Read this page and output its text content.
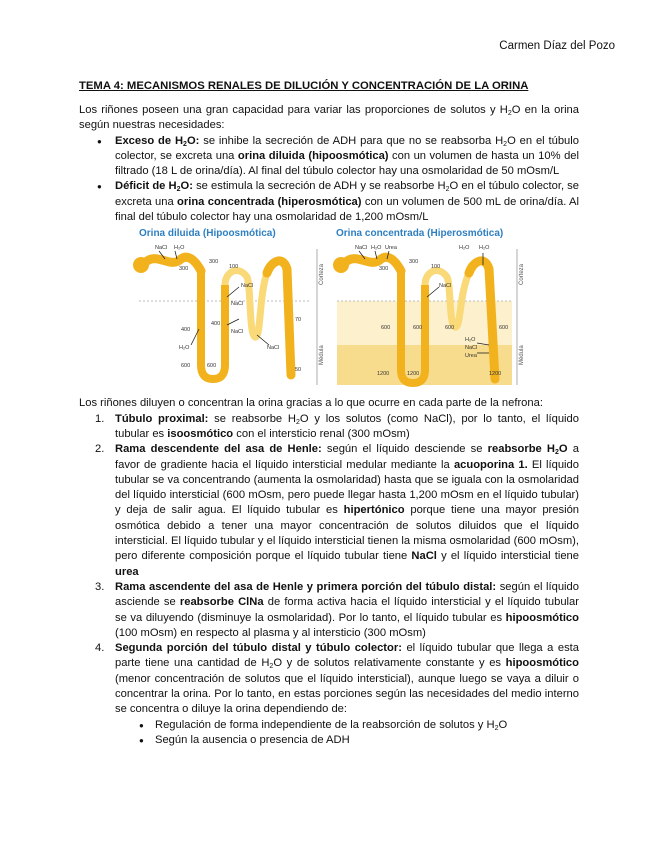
Carmen Díaz del Pozo
TEMA 4: MECANISMOS RENALES DE DILUCIÓN Y CONCENTRACIÓN DE LA ORINA

Los riñones poseen una gran capacidad para variar las proporciones de solutos y $H_2O$ en la orina según nuestras necesidades:

● Exceso de $H_2O$: se inhibe la secreción de ADH para que no se reabsorba $H_2O$ en el túbulo colector, se excreta una orina diluida (hipoosmótica) con un volumen de hasta un 10% del filtrado (18 L de orina/día). Al final del túbulo colector hay una osmolaridad de 50 mOsm/L
● Déficit de $H_2O$: se estimula la secreción de ADH y se reabsorbe $H_2O$ en el túbulo colector, se excreta una orina concentrada (hiperosmótica) con un volumen de 500 mL de orina/día. Al final del túbulo colector hay una osmolaridad de 1,200 mOsm/L
Orina diluida (Hipoosmótica)	Orina concentrada (Hiperosmótica)
NaCl H₂O
300
300
100
NaCl
NaCl
400
400
H₂O
600	600
NaCl
70
NaCl
50
Corteza
Médula
NaCl H₂O Urea
300
300
100
NaCl
H₂O H₂O
600	600	600
H₂O
NaCl
Urea
600
1200	1200	1200
Corteza
Médula

Los riñones diluyen o concentran la orina gracias a lo que ocurre en cada parte de la nefrona:

1. Túbulo proximal: se reabsorbe $H_2O$ y los solutos (como NaCl), por lo tanto, el líquido tubular es isoosmótico con el intersticio renal (300 mOsm)
2. Rama descendente del asa de Henle: según el líquido desciende se reabsorbe $H_2O$ a favor de gradiente hacia el líquido intersticial medular mediante la acuoporina 1. El líquido tubular se va concentrando (aumenta la osmolaridad) hasta que se iguala con la osmolaridad del líquido intersticial (600 mOsm, pero puede llegar hasta 1,200 mOsm en el líquido tubular) y deja de salir agua. El líquido tubular es hipertónico porque tiene una mayor presión osmótica debido a tener una mayor concentración de solutos diluidos que el líquido intersticial. El líquido tubular y el líquido intersticial tienen la misma osmolaridad (600 mOsm), pero diferente composición porque el líquido tubular tiene NaCl y el líquido intersticial tiene urea
3. Rama ascendente del asa de Henle y primera porción del túbulo distal: según el líquido asciende se reabsorbe ClNa de forma activa hacia el líquido intersticial y el líquido tubular se va diluyendo (disminuye la osmolaridad). Por lo tanto, el líquido tubular es hipoosmótico (100 mOsm) en respecto al plasma y al intersticio (300 mOsm)
4. Segunda porción del túbulo distal y túbulo colector: el líquido tubular que llega a esta parte tiene una cantidad de $H_2O$ y de solutos relativamente constante y es hipoosmótico (menor concentración de solutos que el líquido intersticial), aunque luego se vaya a diluir o concentrar la orina. Por lo tanto, en estas porciones según las necesidades del medio interno se concentra o diluye la orina dependiendo de:
● Regulación de forma independiente de la reabsorción de solutos y $H_2O$
● Según la ausencia o presencia de ADH
